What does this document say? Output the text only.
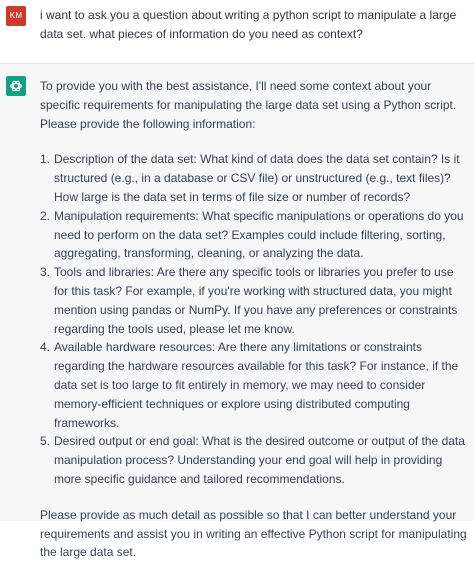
KM	i want to ask you a question about writing a python script to manipulate a large data set. what pieces of information do you need as context?

To provide you with the best assistance, I'll need some context about your specific requirements for manipulating the large data set using a Python script. Please provide the following information:

1. Description of the data set: What kind of data does the data set contain? Is it structured (e.g., in a database or CSV file) or unstructured (e.g., text files)? How large is the data set in terms of file size or number of records?
2. Manipulation requirements: What specific manipulations or operations do you need to perform on the data set? Examples could include filtering, sorting, aggregating, transforming, cleaning, or analyzing the data.
3. Tools and libraries: Are there any specific tools or libraries you prefer to use for this task? For example, if you're working with structured data, you might mention using pandas or NumPy. If you have any preferences or constraints regarding the tools used, please let me know.
4. Available hardware resources: Are there any limitations or constraints regarding the hardware resources available for this task? For instance, if the data set is too large to fit entirely in memory, we may need to consider memory-efficient techniques or explore using distributed computing frameworks.
5. Desired output or end goal: What is the desired outcome or output of the data manipulation process? Understanding your end goal will help in providing more specific guidance and tailored recommendations.

Please provide as much detail as possible so that I can better understand your requirements and assist you in writing an effective Python script for manipulating the large data set.
